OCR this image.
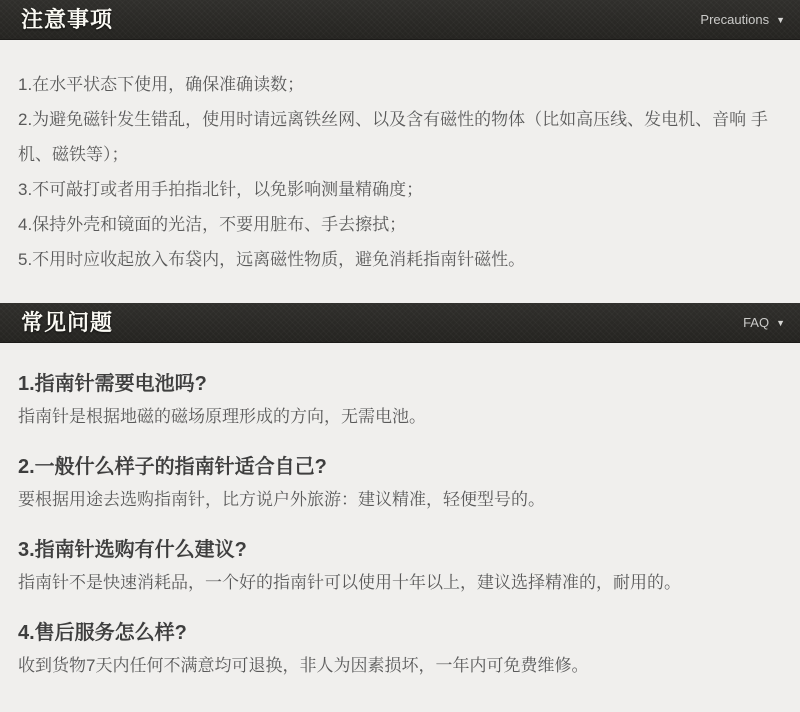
注意事项	Precautions ▼

1.在水平状态下使用，确保准确读数；

2.为避免磁针发生错乱，使用时请远离铁丝网、以及含有磁性的物体（比如高压线、发电机、音响 手机、磁铁等）；

3.不可敲打或者用手拍指北针，以免影响测量精确度；

4.保持外壳和镜面的光洁，不要用脏布、手去擦拭；

5.不用时应收起放入布袋内，远离磁性物质，避免消耗指南针磁性。

常见问题	FAQ ▼
1.指南针需要电池吗?

指南针是根据地磁的磁场原理形成的方向，无需电池。

2.一般什么样子的指南针适合自己?

要根据用途去选购指南针，比方说户外旅游：建议精准，轻便型号的。

3.指南针选购有什么建议?

指南针不是快速消耗品，一个好的指南针可以使用十年以上，建议选择精准的，耐用的。

4.售后服务怎么样?

收到货物7天内任何不满意均可退换，非人为因素损坏，一年内可免费维修。
